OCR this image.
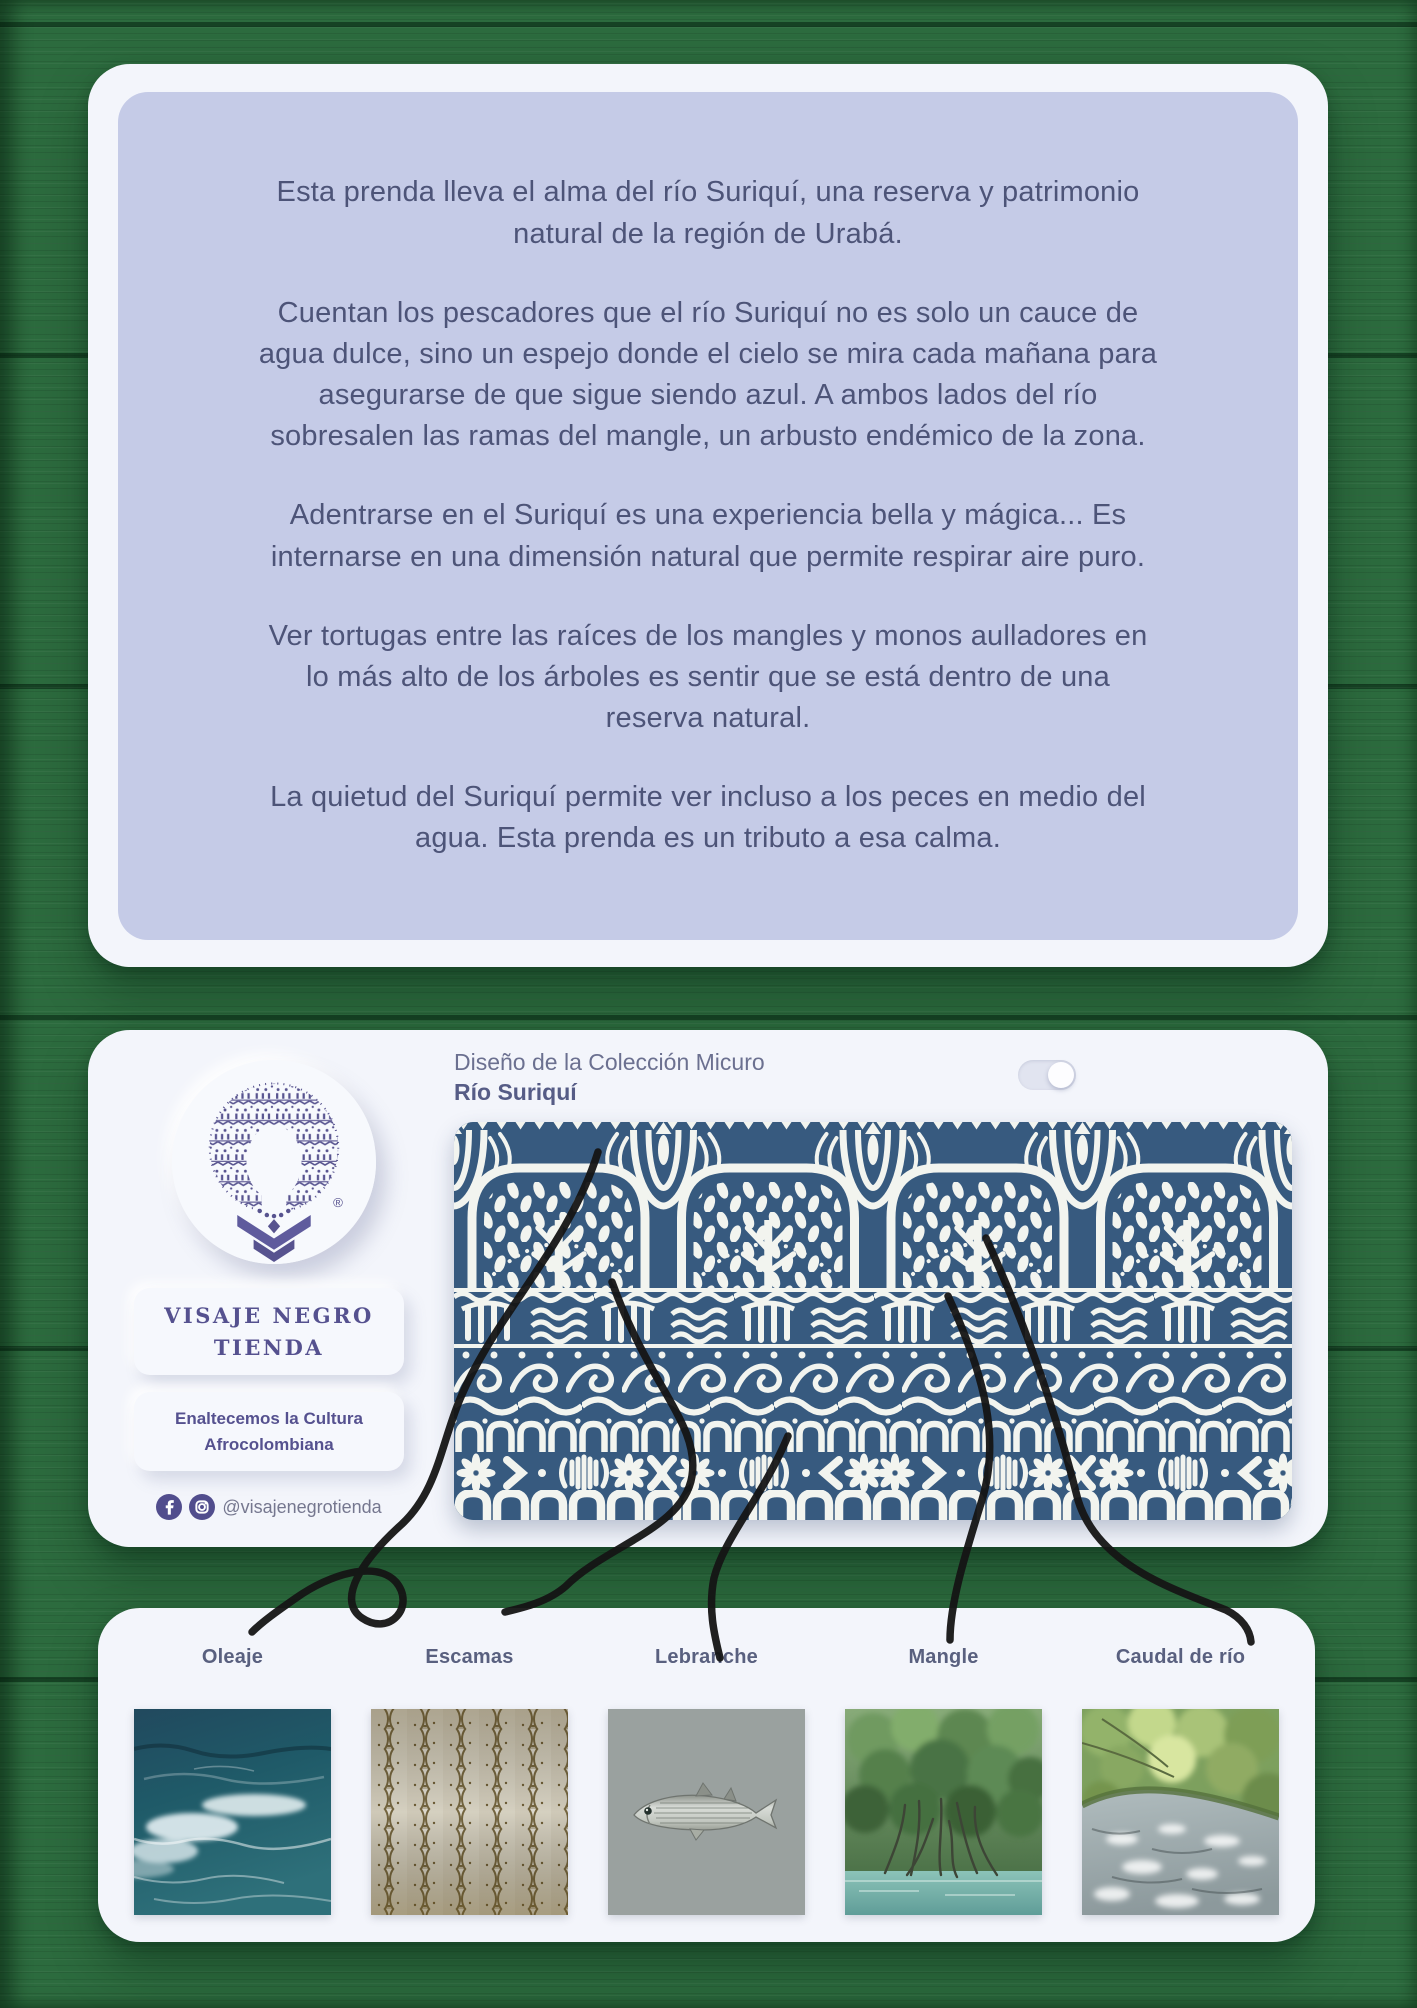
Esta prenda lleva el alma del río Suriquí, una reserva y patrimonio natural de la región de Urabá.

Cuentan los pescadores que el río Suriquí no es solo un cauce de agua dulce, sino un espejo donde el cielo se mira cada mañana para asegurarse de que sigue siendo azul. A ambos lados del río sobresalen las ramas del mangle, un arbusto endémico de la zona.

Adentrarse en el Suriquí es una experiencia bella y mágica... Es internarse en una dimensión natural que permite respirar aire puro.

Ver tortugas entre las raíces de los mangles y monos aulladores en lo más alto de los árboles es sentir que se está dentro de una reserva natural.

La quietud del Suriquí permite ver incluso a los peces en medio del agua. Esta prenda es un tributo a esa calma.

®
VISAJE NEGRO
TIENDA
Enaltecemos la Cultura Afrocolombiana
@visajenegrotienda
Diseño de la Colección Micuro
Río Suriquí
Oleaje	Escamas	Lebranche	Mangle	Caudal de río
